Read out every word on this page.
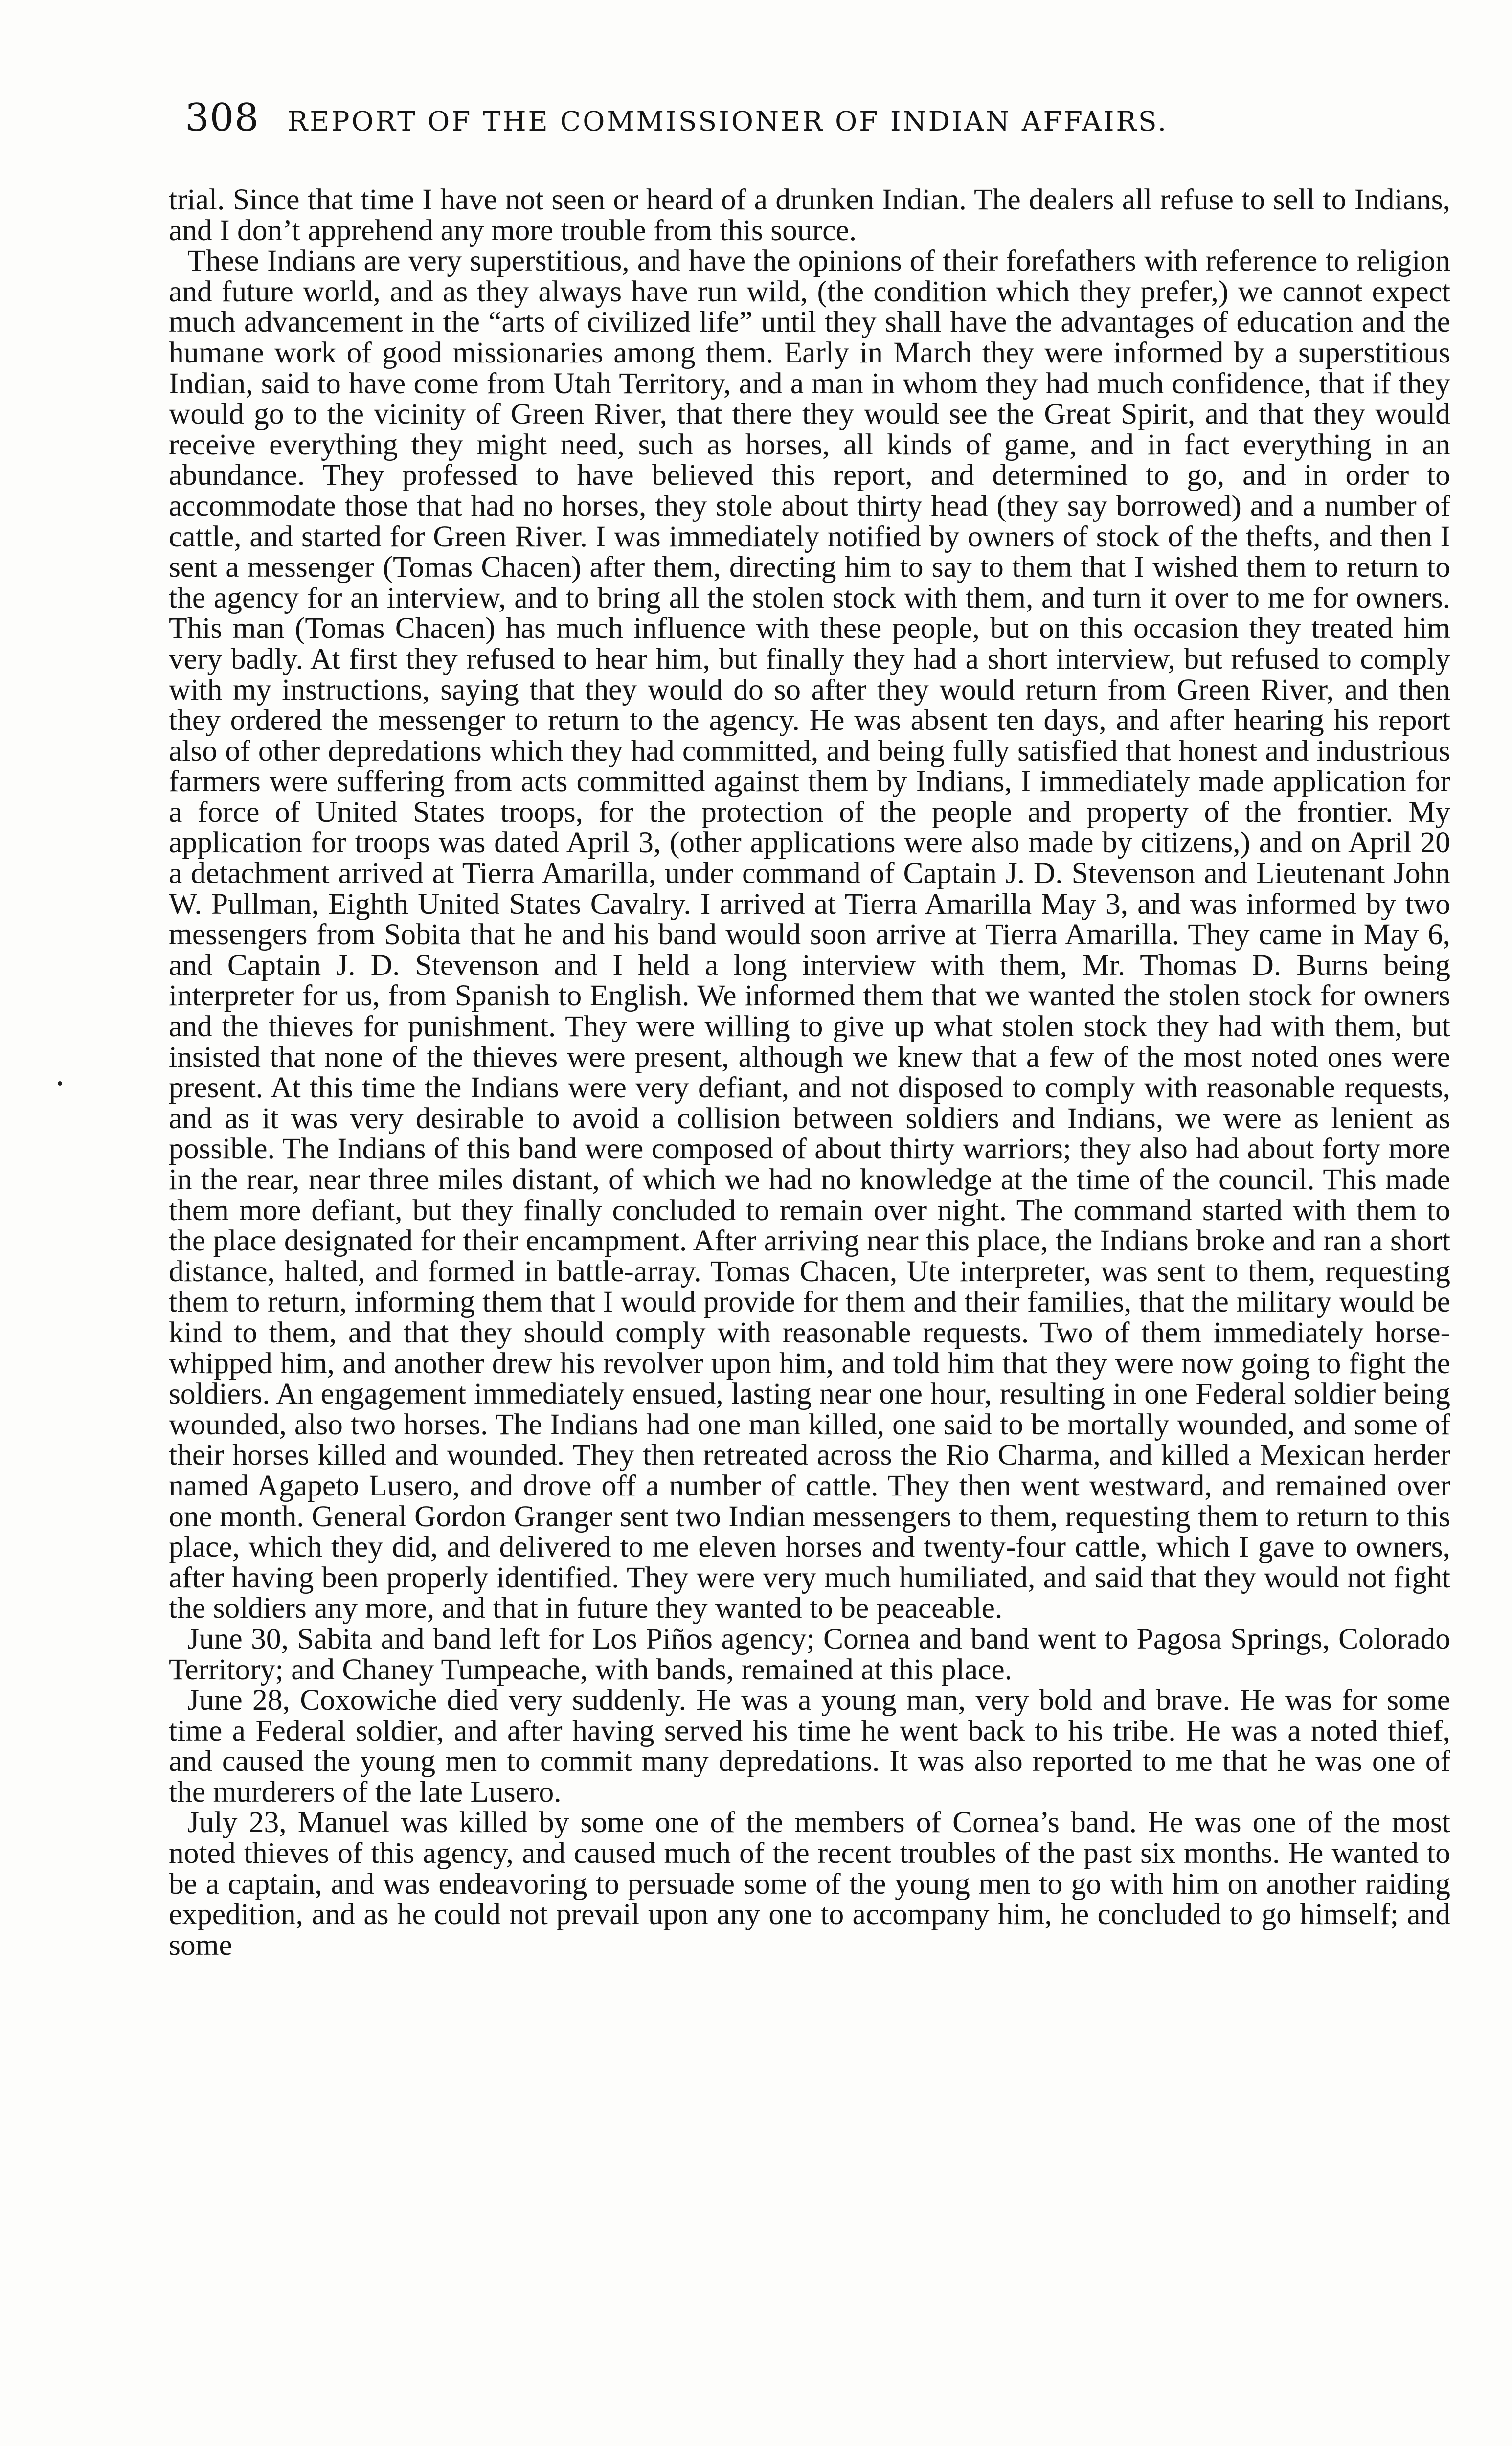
308 REPORT OF THE COMMISSIONER OF INDIAN AFFAIRS.

trial. Since that time I have not seen or heard of a drunken Indian. The dealers all refuse to sell to Indians, and I don’t apprehend any more trouble from this source.

These Indians are very superstitious, and have the opinions of their forefathers with reference to religion and future world, and as they always have run wild, (the condition which they prefer,) we cannot expect much advancement in the “arts of civilized life” until they shall have the advantages of education and the humane work of good missionaries among them. Early in March they were informed by a superstitious Indian, said to have come from Utah Territory, and a man in whom they had much confidence, that if they would go to the vicinity of Green River, that there they would see the Great Spirit, and that they would receive everything they might need, such as horses, all kinds of game, and in fact everything in an abundance. They professed to have believed this report, and determined to go, and in order to accommodate those that had no horses, they stole about thirty head (they say borrowed) and a number of cattle, and started for Green River. I was immediately notified by owners of stock of the thefts, and then I sent a messenger (Tomas Chacen) after them, directing him to say to them that I wished them to return to the agency for an interview, and to bring all the stolen stock with them, and turn it over to me for owners. This man (Tomas Chacen) has much influence with these people, but on this occasion they treated him very badly. At first they refused to hear him, but finally they had a short interview, but refused to comply with my instructions, saying that they would do so after they would return from Green River, and then they ordered the messenger to return to the agency. He was absent ten days, and after hearing his report also of other depredations which they had committed, and being fully satisfied that honest and industrious farmers were suffering from acts committed against them by Indians, I immediately made application for a force of United States troops, for the protection of the people and property of the frontier. My application for troops was dated April 3, (other applications were also made by citizens,) and on April 20 a detachment arrived at Tierra Amarilla, under command of Captain J. D. Stevenson and Lieutenant John W. Pullman, Eighth United States Cavalry. I arrived at Tierra Amarilla May 3, and was informed by two messengers from Sobita that he and his band would soon arrive at Tierra Amarilla. They came in May 6, and Captain J. D. Stevenson and I held a long interview with them, Mr. Thomas D. Burns being interpreter for us, from Spanish to English. We informed them that we wanted the stolen stock for owners and the thieves for punishment. They were willing to give up what stolen stock they had with them, but insisted that none of the thieves were present, although we knew that a few of the most noted ones were present. At this time the Indians were very defiant, and not disposed to comply with reasonable requests, and as it was very desirable to avoid a collision between soldiers and Indians, we were as lenient as possible. The Indians of this band were composed of about thirty warriors; they also had about forty more in the rear, near three miles distant, of which we had no knowledge at the time of the council. This made them more defiant, but they finally concluded to remain over night. The command started with them to the place designated for their encampment. After arriving near this place, the Indians broke and ran a short distance, halted, and formed in battle-array. Tomas Chacen, Ute interpreter, was sent to them, requesting them to return, informing them that I would provide for them and their families, that the military would be kind to them, and that they should comply with reasonable requests. Two of them immediately horse-whipped him, and another drew his revolver upon him, and told him that they were now going to fight the soldiers. An engagement immediately ensued, lasting near one hour, resulting in one Federal soldier being wounded, also two horses. The Indians had one man killed, one said to be mortally wounded, and some of their horses killed and wounded. They then retreated across the Rio Charma, and killed a Mexican herder named Agapeto Lusero, and drove off a number of cattle. They then went westward, and remained over one month. General Gordon Granger sent two Indian messengers to them, requesting them to return to this place, which they did, and delivered to me eleven horses and twenty-four cattle, which I gave to owners, after having been properly identified. They were very much humiliated, and said that they would not fight the soldiers any more, and that in future they wanted to be peaceable.

June 30, Sabita and band left for Los Piños agency; Cornea and band went to Pagosa Springs, Colorado Territory; and Chaney Tumpeache, with bands, remained at this place.

June 28, Coxowiche died very suddenly. He was a young man, very bold and brave. He was for some time a Federal soldier, and after having served his time he went back to his tribe. He was a noted thief, and caused the young men to commit many depredations. It was also reported to me that he was one of the murderers of the late Lusero.

July 23, Manuel was killed by some one of the members of Cornea’s band. He was one of the most noted thieves of this agency, and caused much of the recent troubles of the past six months. He wanted to be a captain, and was endeavoring to persuade some of the young men to go with him on another raiding expedition, and as he could not prevail upon any one to accompany him, he concluded to go himself; and some
